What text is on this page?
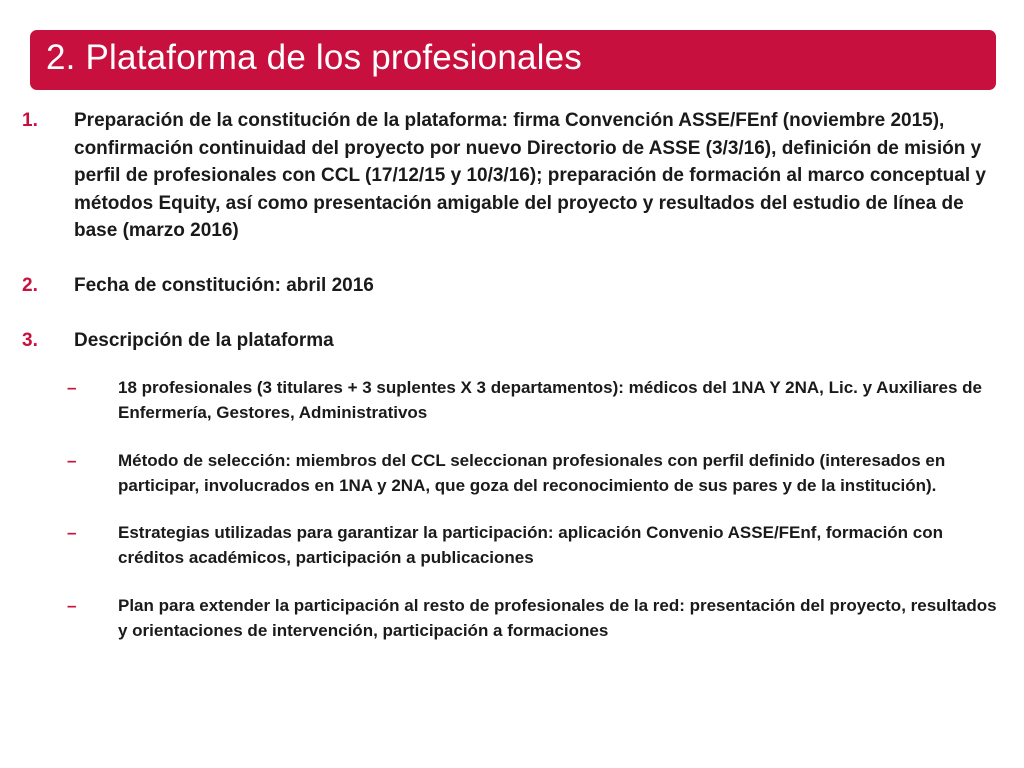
2. Plataforma de los profesionales
1.	Preparación de la constitución de la plataforma: firma Convención ASSE/FEnf (noviembre 2015), confirmación continuidad del proyecto por nuevo Directorio de ASSE (3/3/16), definición de misión y perfil de profesionales con CCL (17/12/15 y 10/3/16); preparación de formación al marco conceptual y métodos Equity, así como presentación amigable del proyecto y resultados del estudio de línea de base (marzo 2016)
2.	Fecha de constitución: abril 2016
3.	Descripción de la plataforma
–	18 profesionales (3 titulares + 3 suplentes X 3 departamentos): médicos del 1NA Y 2NA, Lic. y Auxiliares de Enfermería, Gestores, Administrativos
–	Método de selección: miembros del CCL seleccionan profesionales con perfil definido (interesados en participar, involucrados en 1NA y 2NA, que goza del reconocimiento de sus pares y de la institución).
–	Estrategias utilizadas para garantizar la participación: aplicación Convenio ASSE/FEnf, formación con créditos académicos, participación a publicaciones
–	Plan para extender la participación al resto de profesionales de la red: presentación del proyecto, resultados y orientaciones de intervención, participación a formaciones
